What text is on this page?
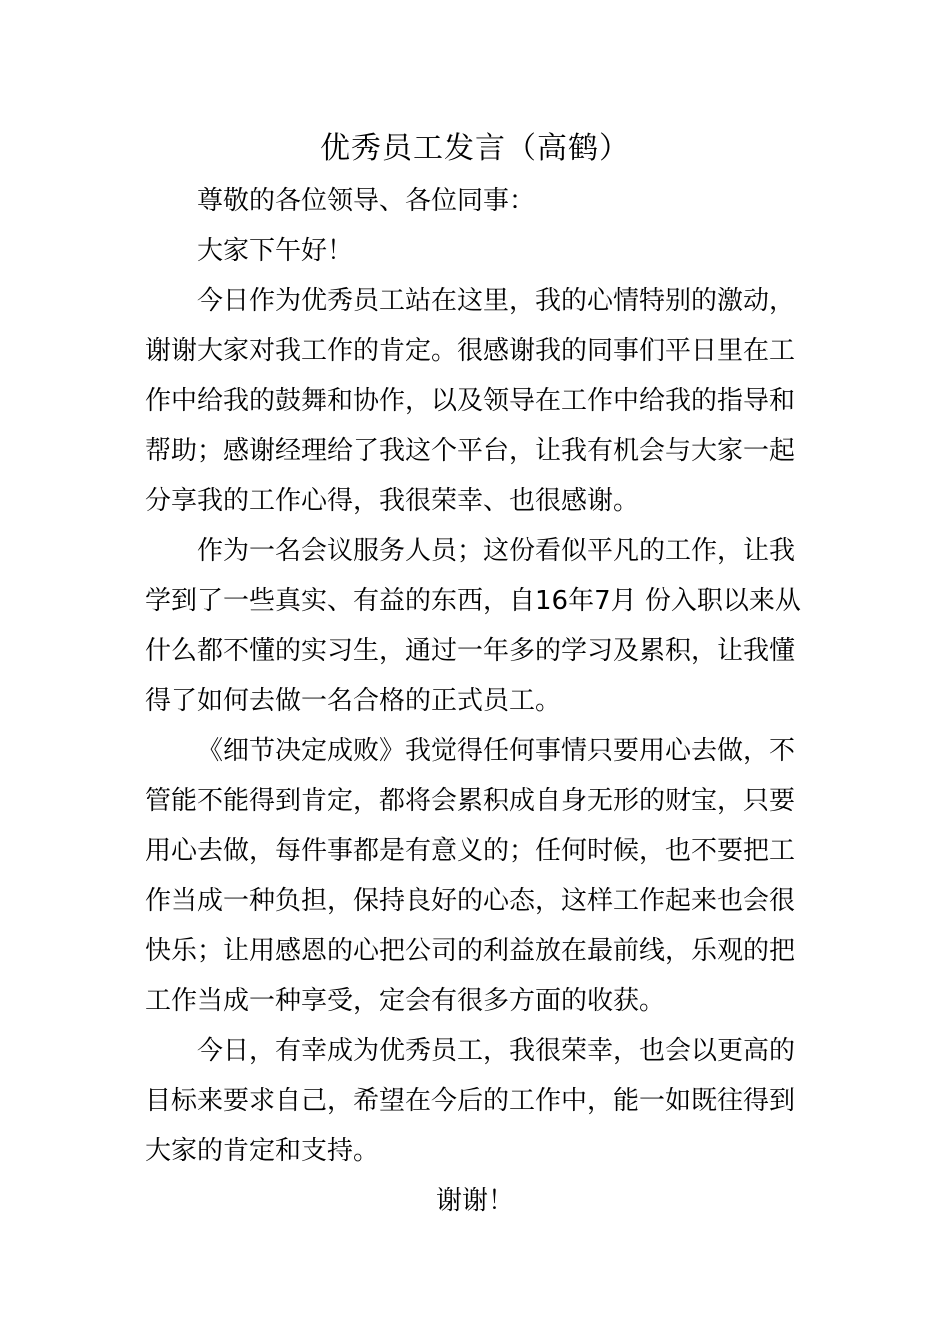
优秀员工发言（高鹤）

尊敬的各位领导、各位同事：

大家下午好！

今日作为优秀员工站在这里，我的心情特别的激动，谢谢大家对我工作的肯定。很感谢我的同事们平日里在工作中给我的鼓舞和协作，以及领导在工作中给我的指导和帮助；感谢经理给了我这个平台，让我有机会与大家一起分享我的工作心得，我很荣幸、也很感谢。

作为一名会议服务人员；这份看似平凡的工作，让我学到了一些真实、有益的东西，自16年7月 份入职以来从什么都不懂的实习生，通过一年多的学习及累积，让我懂得了如何去做一名合格的正式员工。

《细节决定成败》我觉得任何事情只要用心去做，不管能不能得到肯定，都将会累积成自身无形的财宝，只要用心去做，每件事都是有意义的；任何时候，也不要把工作当成一种负担，保持良好的心态，这样工作起来也会很快乐；让用感恩的心把公司的利益放在最前线，乐观的把工作当成一种享受，定会有很多方面的收获。

今日，有幸成为优秀员工，我很荣幸，也会以更高的目标来要求自己，希望在今后的工作中，能一如既往得到大家的肯定和支持。

谢谢！
